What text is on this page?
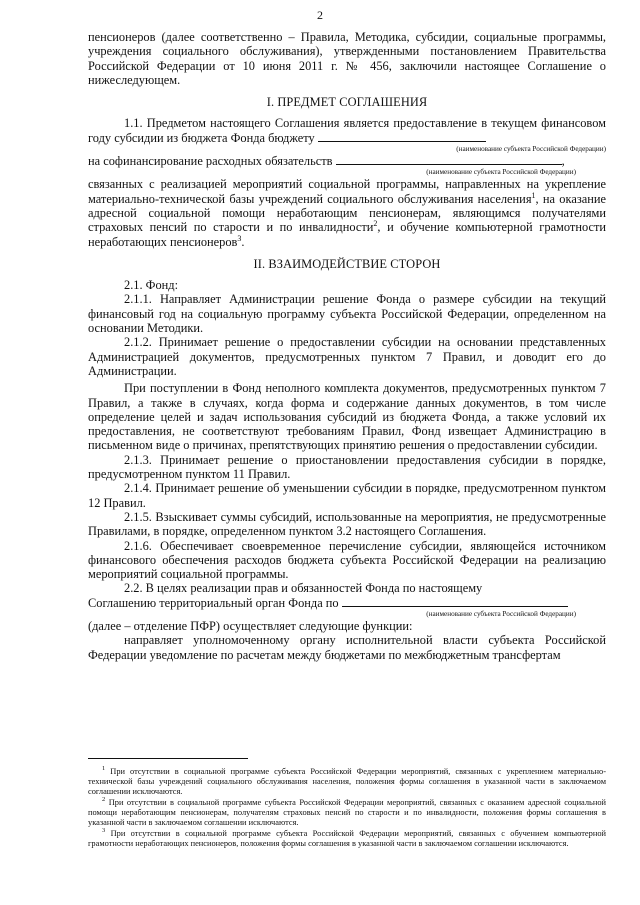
2

пенсионеров (далее соответственно – Правила, Методика, субсидии, социальные программы, учреждения социального обслуживания), утвержденными постановлением Правительства Российской Федерации от 10 июня 2011 г. № 456, заключили настоящее Соглашение о нижеследующем.

I. ПРЕДМЕТ СОГЛАШЕНИЯ

1.1. Предметом настоящего Соглашения является предоставление в текущем финансовом году субсидии из бюджета Фонда бюджету

(наименование субъекта Российской Федерации)

на софинансирование расходных обязательств	,

(наименование субъекта Российской Федерации)

связанных с реализацией мероприятий социальной программы, направленных на укрепление материально-технической базы учреждений социального обслуживания населения$^1$, на оказание адресной социальной помощи неработающим пенсионерам, являющимся получателями страховых пенсий по старости и по инвалидности$^2$, и обучение компьютерной грамотности неработающих пенсионеров$^3$.

II. ВЗАИМОДЕЙСТВИЕ СТОРОН

2.1. Фонд:

2.1.1. Направляет Администрации решение Фонда о размере субсидии на текущий финансовый год на социальную программу субъекта Российской Федерации, определенном на основании Методики.

2.1.2. Принимает решение о предоставлении субсидии на основании представленных Администрацией документов, предусмотренных пунктом 7 Правил, и доводит его до Администрации.

При поступлении в Фонд неполного комплекта документов, предусмотренных пунктом 7 Правил, а также в случаях, когда форма и содержание данных документов, в том числе определение целей и задач использования субсидий из бюджета Фонда, а также условий их предоставления, не соответствуют требованиям Правил, Фонд извещает Администрацию в письменном виде о причинах, препятствующих принятию решения о предоставлении субсидии.

2.1.3. Принимает решение о приостановлении предоставления субсидии в порядке, предусмотренном пунктом 11 Правил.

2.1.4. Принимает решение об уменьшении субсидии в порядке, предусмотренном пунктом 12 Правил.

2.1.5. Взыскивает суммы субсидий, использованные на мероприятия, не предусмотренные Правилами, в порядке, определенном пунктом 3.2 настоящего Соглашения.

2.1.6. Обеспечивает своевременное перечисление субсидии, являющейся источником финансового обеспечения расходов бюджета субъекта Российской Федерации на реализацию мероприятий социальной программы.

2.2. В целях реализации прав и обязанностей Фонда по настоящему

Соглашению территориальный орган Фонда по

(наименование субъекта Российской Федерации)

(далее – отделение ПФР) осуществляет следующие функции:

направляет уполномоченному органу исполнительной власти субъекта Российской Федерации уведомление по расчетам между бюджетами по межбюджетным трансфертам

$^1$ При отсутствии в социальной программе субъекта Российской Федерации мероприятий, связанных с укреплением материально-технической базы учреждений социального обслуживания населения, положения формы соглашения в указанной части в заключаемом соглашении исключаются.

$^2$ При отсутствии в социальной программе субъекта Российской Федерации мероприятий, связанных с оказанием адресной социальной помощи неработающим пенсионерам, получателям страховых пенсий по старости и по инвалидности, положения формы соглашения в указанной части в заключаемом соглашении исключаются.

$^3$ При отсутствии в социальной программе субъекта Российской Федерации мероприятий, связанных с обучением компьютерной грамотности неработающих пенсионеров, положения формы соглашения в указанной части в заключаемом соглашении исключаются.
